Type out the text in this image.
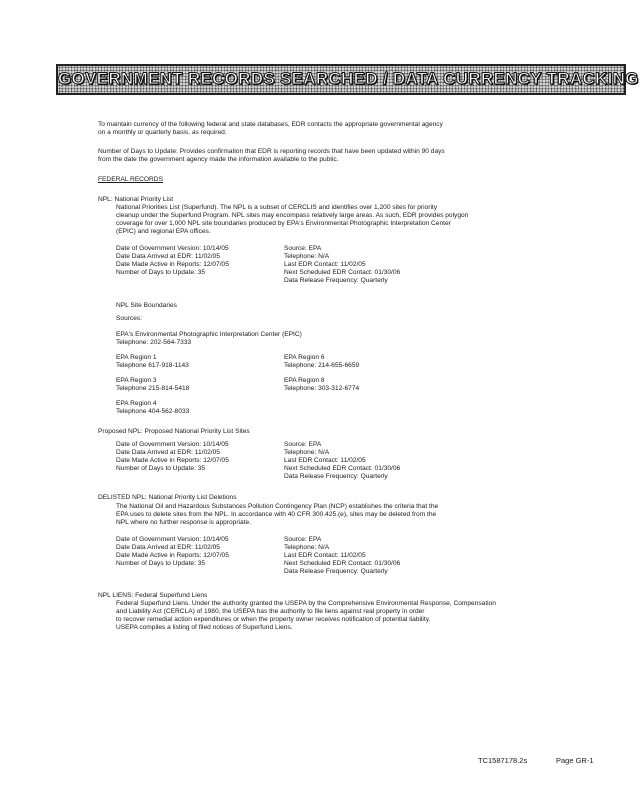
GOVERNMENT RECORDS SEARCHED / DATA CURRENCY TRACKING
To maintain currency of the following federal and state databases, EDR contacts the appropriate governmental agency
on a monthly or quarterly basis, as required.
Number of Days to Update: Provides confirmation that EDR is reporting records that have been updated within 90 days
from the date the government agency made the information available to the public.
FEDERAL RECORDS
NPL: National Priority List
National Priorities List (Superfund). The NPL is a subset of CERCLIS and identifies over 1,200 sites for priority
cleanup under the Superfund Program. NPL sites may encompass relatively large areas. As such, EDR provides polygon
coverage for over 1,000 NPL site boundaries produced by EPA's Environmental Photographic Interpretation Center
(EPIC) and regional EPA offices.
Date of Government Version: 10/14/05
Date Data Arrived at EDR: 11/02/05
Date Made Active in Reports: 12/07/05
Number of Days to Update: 35
Source: EPA
Telephone: N/A
Last EDR Contact: 11/02/05
Next Scheduled EDR Contact: 01/30/06
Data Release Frequency: Quarterly
NPL Site Boundaries
Sources:
EPA's Environmental Photographic Interpretation Center (EPIC)
Telephone: 202-564-7333
EPA Region 1
Telephone 617-918-1143
EPA Region 6
Telephone: 214-655-6659
EPA Region 3
Telephone 215-814-5418
EPA Region 8
Telephone: 303-312-6774
EPA Region 4
Telephone 404-562-8033
Proposed NPL: Proposed National Priority List Sites
Date of Government Version: 10/14/05
Date Data Arrived at EDR: 11/02/05
Date Made Active in Reports: 12/07/05
Number of Days to Update: 35
Source: EPA
Telephone: N/A
Last EDR Contact: 11/02/05
Next Scheduled EDR Contact: 01/30/06
Data Release Frequency: Quarterly
DELISTED NPL: National Priority List Deletions
The National Oil and Hazardous Substances Pollution Contingency Plan (NCP) establishes the criteria that the
EPA uses to delete sites from the NPL. In accordance with 40 CFR 300.425.(e), sites may be deleted from the
NPL where no further response is appropriate.
Date of Government Version: 10/14/05
Date Data Arrived at EDR: 11/02/05
Date Made Active in Reports: 12/07/05
Number of Days to Update: 35
Source: EPA
Telephone: N/A
Last EDR Contact: 11/02/05
Next Scheduled EDR Contact: 01/30/06
Data Release Frequency: Quarterly
NPL LIENS: Federal Superfund Liens
Federal Superfund Liens. Under the authority granted the USEPA by the Comprehensive Environmental Response, Compensation
and Liability Act (CERCLA) of 1980, the USEPA has the authority to file liens against real property in order
to recover remedial action expenditures or when the property owner receives notification of potential liability.
USEPA compiles a listing of filed notices of Superfund Liens.
TC1587178.2s	Page GR-1
